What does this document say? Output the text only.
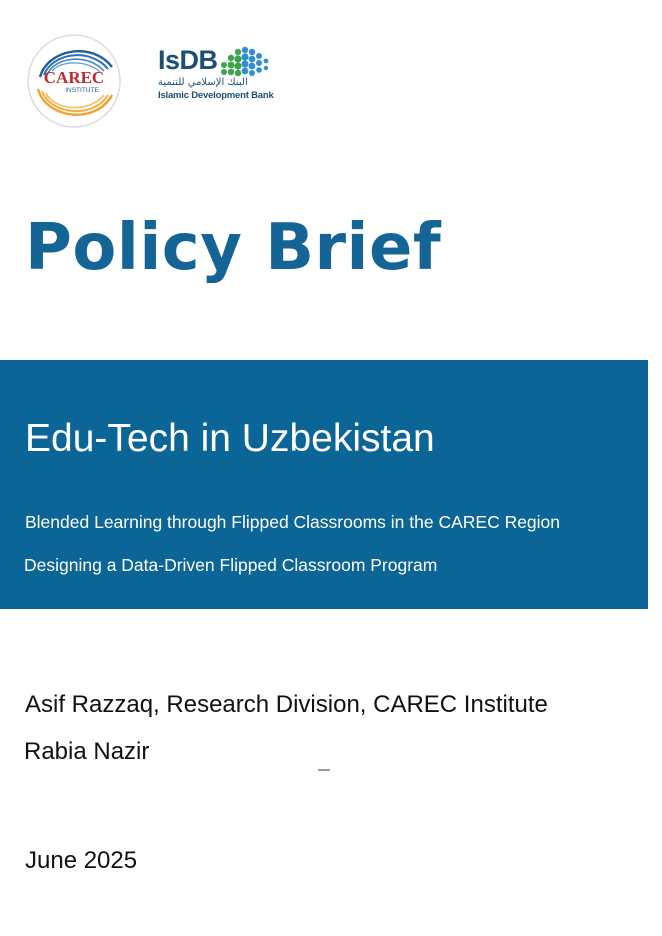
CAREC
INSTITUTE
IsDB
البنك الإسلامي للتنمية
Islamic Development Bank
Policy Brief
Edu-Tech in Uzbekistan
Blended Learning through Flipped Classrooms in the CAREC Region
Designing a Data-Driven Flipped Classroom Program
Asif Razzaq, Research Division, CAREC Institute
Rabia Nazir
June 2025
